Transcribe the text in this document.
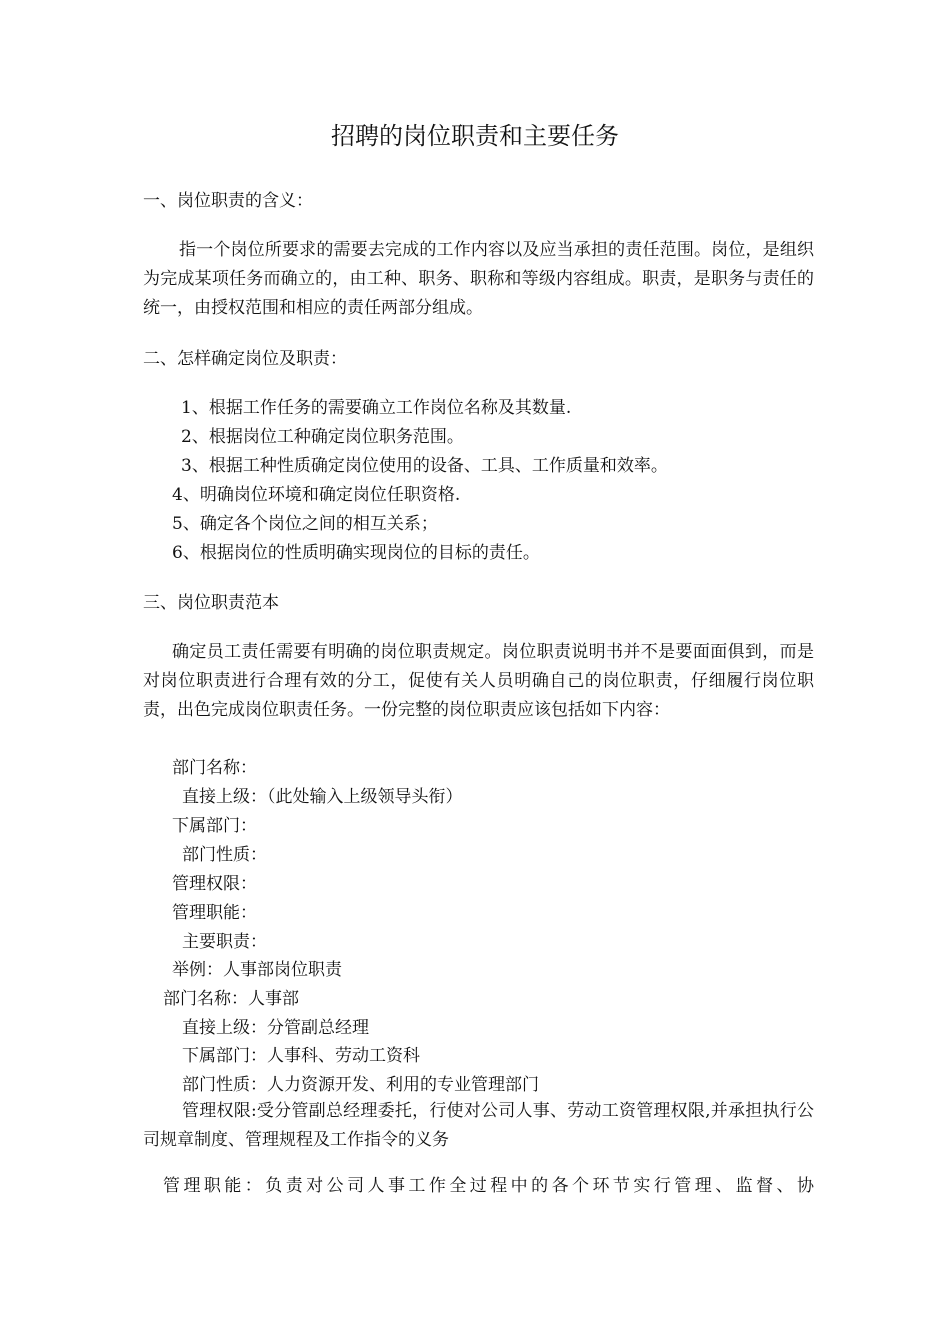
招聘的岗位职责和主要任务
一、岗位职责的含义：
指一个岗位所要求的需要去完成的工作内容以及应当承担的责任范围。岗位，是组织为完成某项任务而确立的，由工种、职务、职称和等级内容组成。职责，是职务与责任的统一，由授权范围和相应的责任两部分组成。
二、怎样确定岗位及职责：
1、根据工作任务的需要确立工作岗位名称及其数量.
2、根据岗位工种确定岗位职务范围。
3、根据工种性质确定岗位使用的设备、工具、工作质量和效率。
4、明确岗位环境和确定岗位任职资格.
5、确定各个岗位之间的相互关系；
6、根据岗位的性质明确实现岗位的目标的责任。
三、岗位职责范本
确定员工责任需要有明确的岗位职责规定。岗位职责说明书并不是要面面俱到，而是对岗位职责进行合理有效的分工，促使有关人员明确自己的岗位职责，仔细履行岗位职责，出色完成岗位职责任务。一份完整的岗位职责应该包括如下内容：
部门名称：
直接上级：（此处输入上级领导头衔）
下属部门：
部门性质：
管理权限：
管理职能：
主要职责：
举例：人事部岗位职责
部门名称：人事部
直接上级：分管副总经理
下属部门：人事科、劳动工资科
部门性质：人力资源开发、利用的专业管理部门
管理权限:受分管副总经理委托，行使对公司人事、劳动工资管理权限,并承担执行公司规章制度、管理规程及工作指令的义务
管理职能：负责对公司人事工作全过程中的各个环节实行管理、监督、协
